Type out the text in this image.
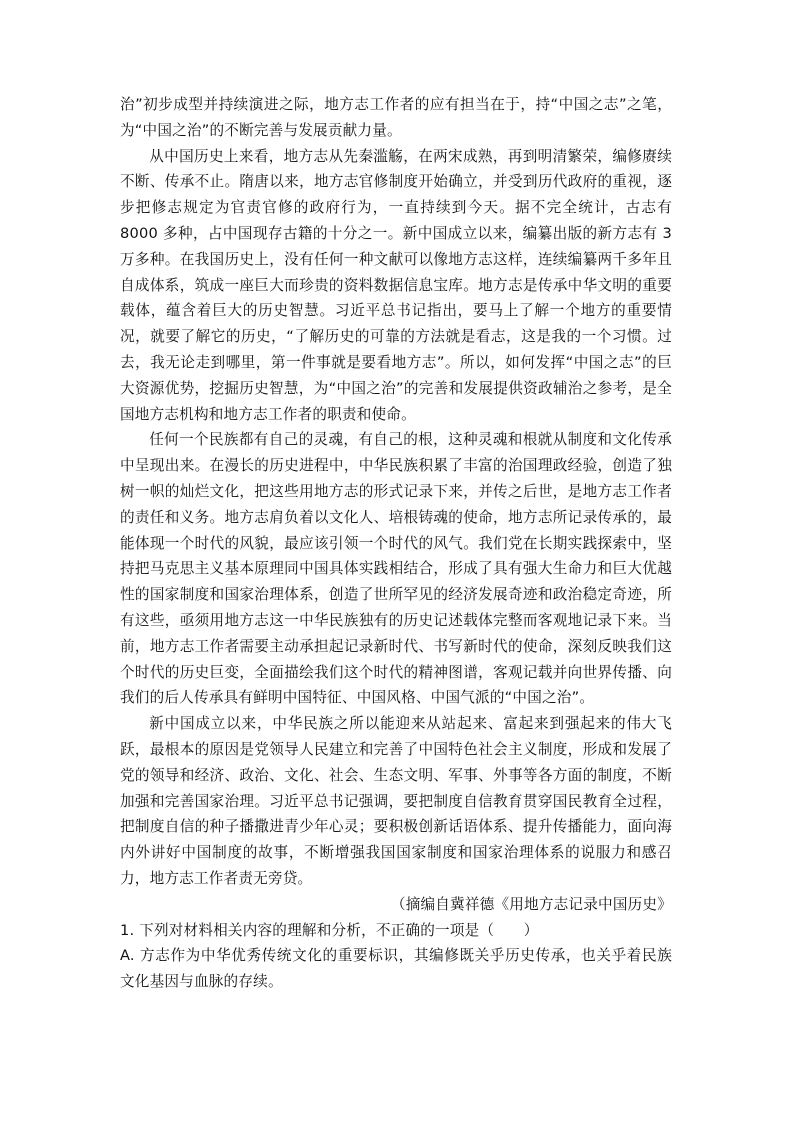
治”初步成型并持续演进之际，地方志工作者的应有担当在于，持“中国之志”之笔，为“中国之治”的不断完善与发展贡献力量。

从中国历史上来看，地方志从先秦滥觞，在两宋成熟，再到明清繁荣，编修赓续不断、传承不止。隋唐以来，地方志官修制度开始确立，并受到历代政府的重视，逐步把修志规定为官责官修的政府行为，一直持续到今天。据不完全统计，古志有 8000 多种，占中国现存古籍的十分之一。新中国成立以来，编纂出版的新方志有 3 万多种。在我国历史上，没有任何一种文献可以像地方志这样，连续编纂两千多年且自成体系，筑成一座巨大而珍贵的资料数据信息宝库。地方志是传承中华文明的重要载体，蕴含着巨大的历史智慧。习近平总书记指出，要马上了解一个地方的重要情况，就要了解它的历史，“了解历史的可靠的方法就是看志，这是我的一个习惯。过去，我无论走到哪里，第一件事就是要看地方志”。所以，如何发挥“中国之志”的巨大资源优势，挖掘历史智慧，为“中国之治”的完善和发展提供资政辅治之参考，是全国地方志机构和地方志工作者的职责和使命。

任何一个民族都有自己的灵魂，有自己的根，这种灵魂和根就从制度和文化传承中呈现出来。在漫长的历史进程中，中华民族积累了丰富的治国理政经验，创造了独树一帜的灿烂文化，把这些用地方志的形式记录下来，并传之后世，是地方志工作者的责任和义务。地方志肩负着以文化人、培根铸魂的使命，地方志所记录传承的，最能体现一个时代的风貌，最应该引领一个时代的风气。我们党在长期实践探索中，坚持把马克思主义基本原理同中国具体实践相结合，形成了具有强大生命力和巨大优越性的国家制度和国家治理体系，创造了世所罕见的经济发展奇迹和政治稳定奇迹，所有这些，亟须用地方志这一中华民族独有的历史记述载体完整而客观地记录下来。当前，地方志工作者需要主动承担起记录新时代、书写新时代的使命，深刻反映我们这个时代的历史巨变，全面描绘我们这个时代的精神图谱，客观记载并向世界传播、向我们的后人传承具有鲜明中国特征、中国风格、中国气派的“中国之治”。

新中国成立以来，中华民族之所以能迎来从站起来、富起来到强起来的伟大飞跃，最根本的原因是党领导人民建立和完善了中国特色社会主义制度，形成和发展了党的领导和经济、政治、文化、社会、生态文明、军事、外事等各方面的制度，不断加强和完善国家治理。习近平总书记强调，要把制度自信教育贯穿国民教育全过程，把制度自信的种子播撒进青少年心灵；要积极创新话语体系、提升传播能力，面向海内外讲好中国制度的故事，不断增强我国国家制度和国家治理体系的说服力和感召力，地方志工作者责无旁贷。

（摘编自冀祥德《用地方志记录中国历史》

1. 下列对材料相关内容的理解和分析，不正确的一项是（　　）

A. 方志作为中华优秀传统文化的重要标识，其编修既关乎历史传承，也关乎着民族文化基因与血脉的存续。
